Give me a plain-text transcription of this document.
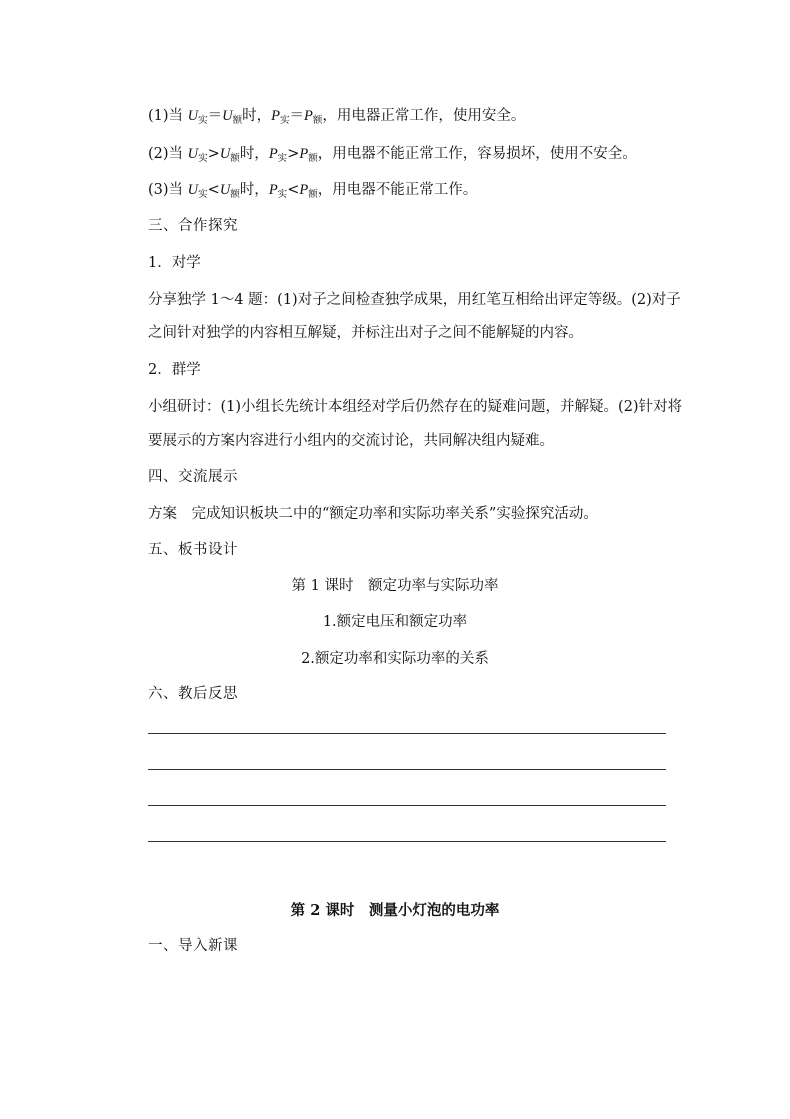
(1)当 $U_实=U_额$时，$P_实=P_额$，用电器正常工作，使用安全。
(2)当 $U_实>U_额$时，$P_实>P_额$，用电器不能正常工作，容易损坏，使用不安全。
(3)当 $U_实<U_额$时，$P_实<P_额$，用电器不能正常工作。
三、合作探究
1．对学
分享独学 1～4 题：(1)对子之间检查独学成果，用红笔互相给出评定等级。(2)对子
之间针对独学的内容相互解疑，并标注出对子之间不能解疑的内容。
2．群学
小组研讨：(1)小组长先统计本组经对学后仍然存在的疑难问题，并解疑。(2)针对将
要展示的方案内容进行小组内的交流讨论，共同解决组内疑难。
四、交流展示
方案　完成知识板块二中的“额定功率和实际功率关系”实验探究活动。
五、板书设计
第 1 课时　额定功率与实际功率
1.额定电压和额定功率
2.额定功率和实际功率的关系
六、教后反思
第 2 课时　测量小灯泡的电功率
一、导入新课
